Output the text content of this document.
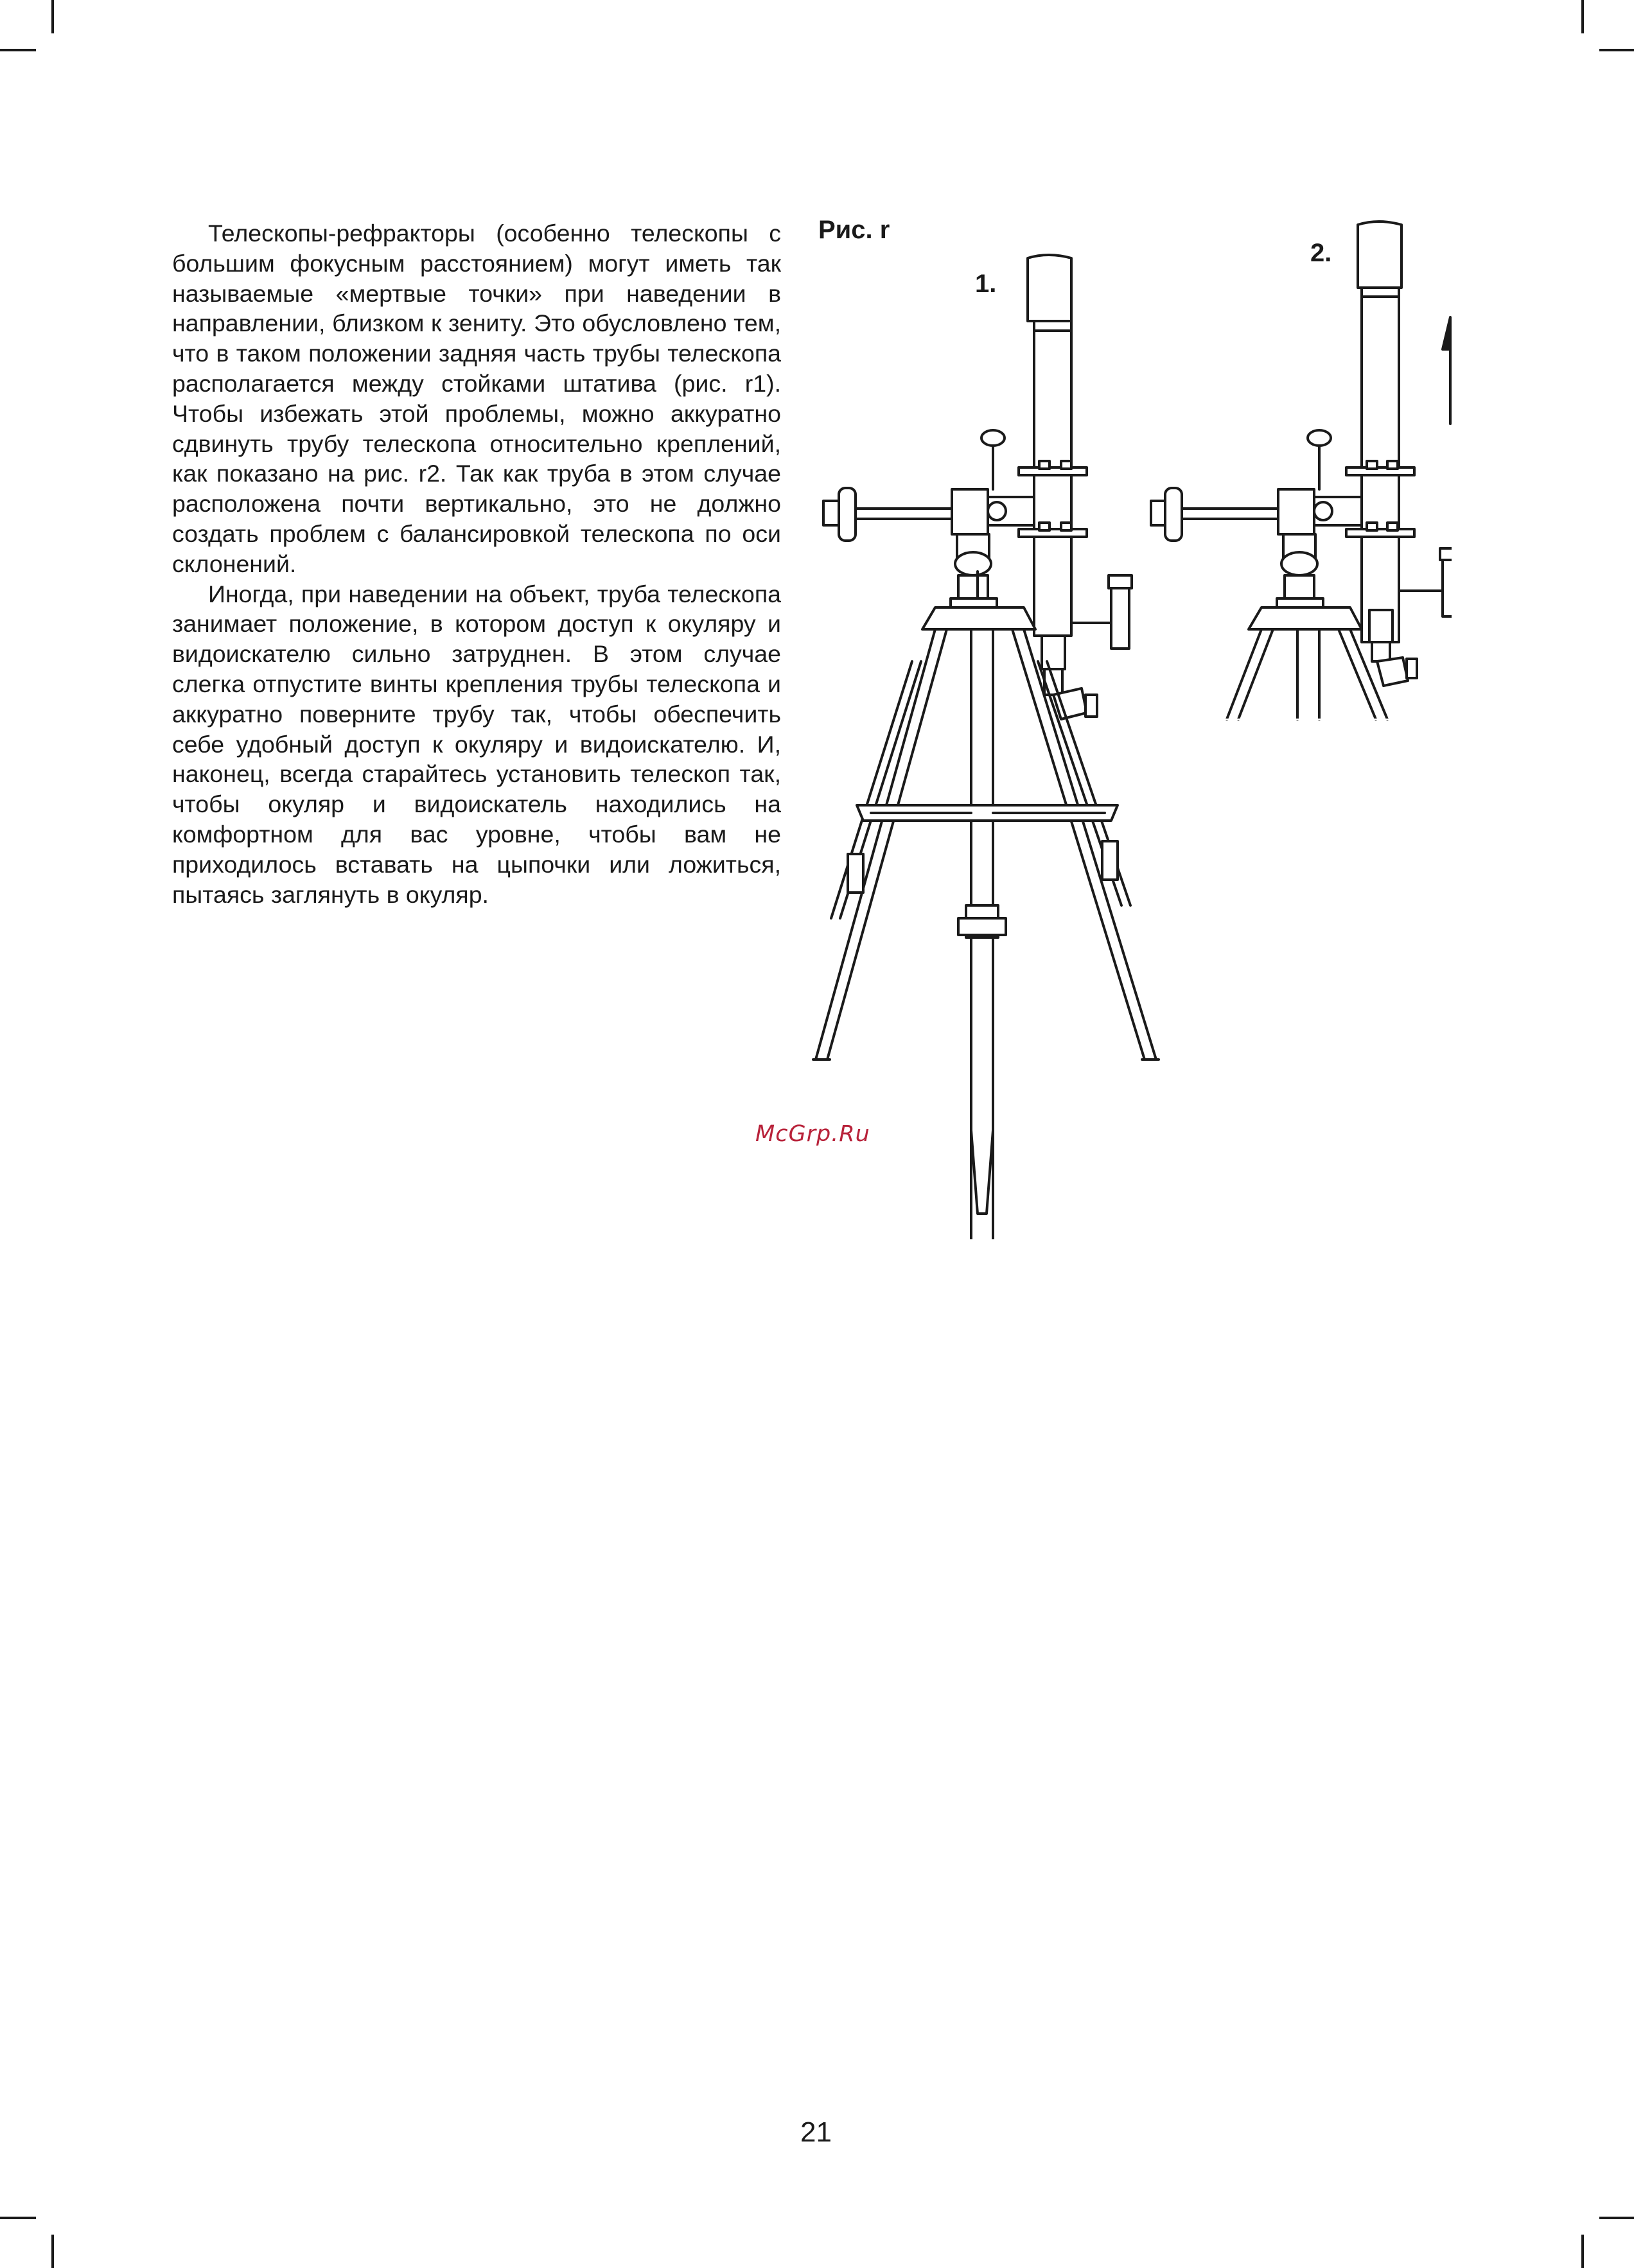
Телескопы-рефракторы (особенно телескопы с большим фокусным расстоянием) могут иметь так называемые «мертвые точки» при наведении в направлении, близком к зениту. Это обусловлено тем, что в таком положении задняя часть трубы телескопа располагается между стойками штатива (рис. r1). Чтобы избежать этой проблемы, можно аккуратно сдвинуть трубу телескопа относительно креплений, как показано на рис. r2. Так как труба в этом случае расположена почти вертикально, это не должно создать проблем с балансировкой телескопа по оси склонений.

Иногда, при наведении на объект, труба телескопа занимает положение, в котором доступ к окуляру и видоискателю сильно затруднен. В этом случае слегка отпустите винты крепления трубы телескопа и аккуратно поверните трубу так, чтобы обеспечить себе удобный доступ к окуляру и видоискателю. И, наконец, всегда старайтесь установить телескоп так, чтобы окуляр и видоискатель находились на комфортном для вас уровне, чтобы вам не приходилось вставать на цыпочки или ложиться, пытаясь заглянуть в окуляр.

Рис. r
1.
2.
McGrp.Ru
21
